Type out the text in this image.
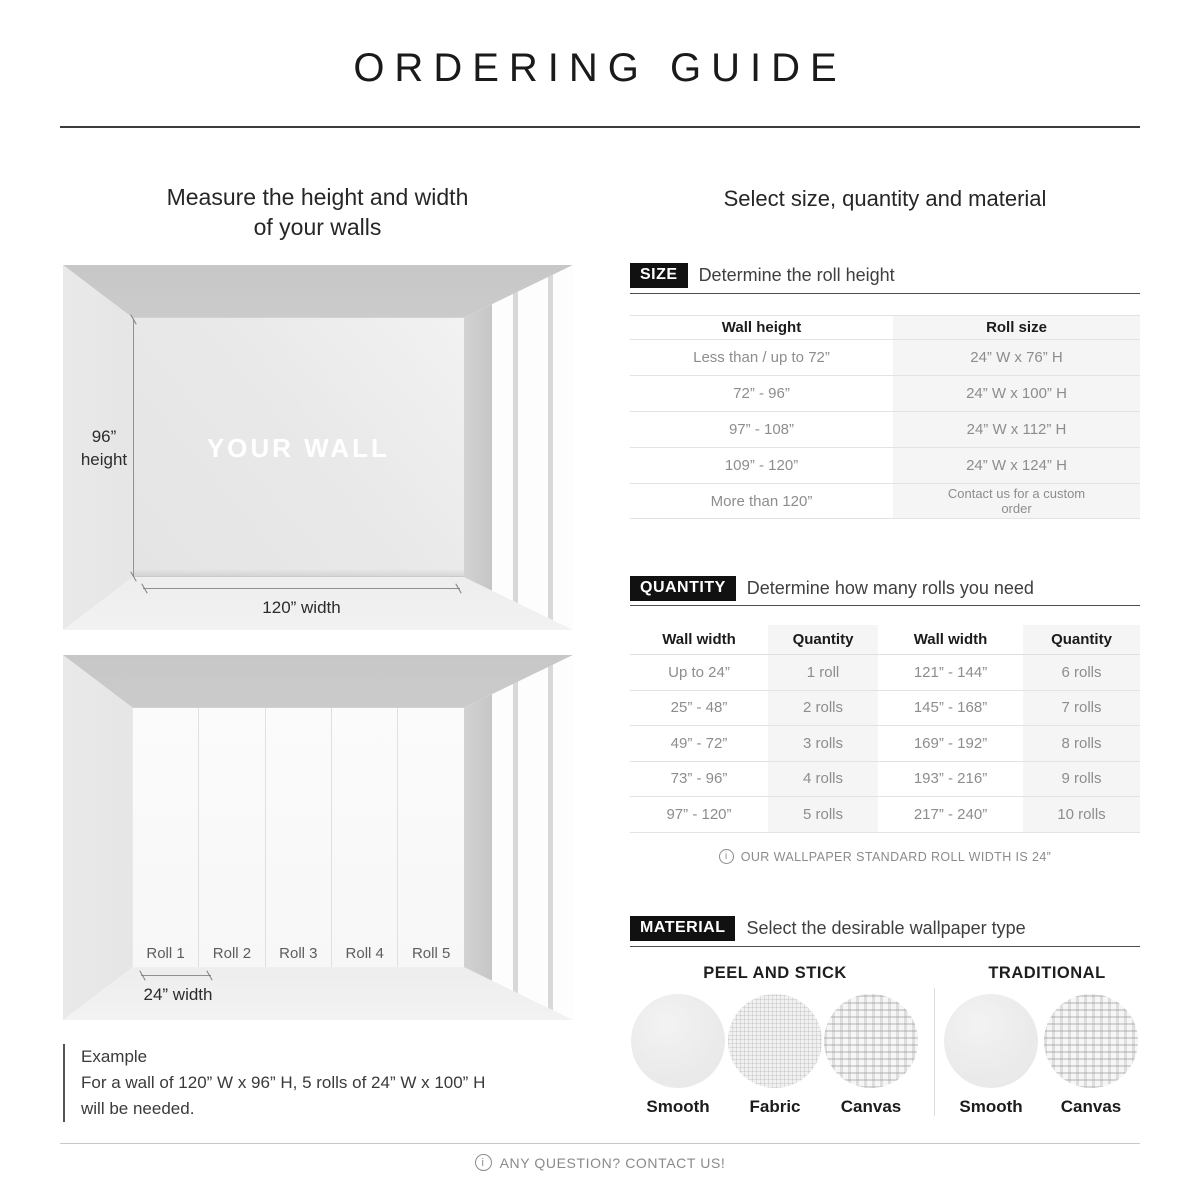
ORDERING GUIDE
Measure the height and width
of your walls
YOUR WALL
96”
height
120” width
Roll 1	Roll 2	Roll 3	Roll 4	Roll 5
24” width
Example
For a wall of 120” W x 96” H, 5 rolls of 24” W x 100” H
will be needed.
Select size, quantity and material
SIZE	Determine the roll height
Wall height	Roll size
Less than / up to 72”	24” W x 76” H
72” - 96”	24” W x 100” H
97” - 108”	24” W x 112” H
109” - 120”	24” W x 124” H
More than 120”	Contact us for a custom order
QUANTITY	Determine how many rolls you need
Wall width	Quantity	Wall width	Quantity
Up to 24”	1 roll	121” - 144”	6 rolls
25” - 48”	2 rolls	145” - 168”	7 rolls
49” - 72”	3 rolls	169” - 192”	8 rolls
73” - 96”	4 rolls	193” - 216”	9 rolls
97” - 120”	5 rolls	217” - 240”	10 rolls
i	OUR WALLPAPER STANDARD ROLL WIDTH IS 24”
MATERIAL	Select the desirable wallpaper type
PEEL AND STICK	TRADITIONAL
Smooth	Fabric	Canvas	Smooth	Canvas
i	ANY QUESTION? CONTACT US!
